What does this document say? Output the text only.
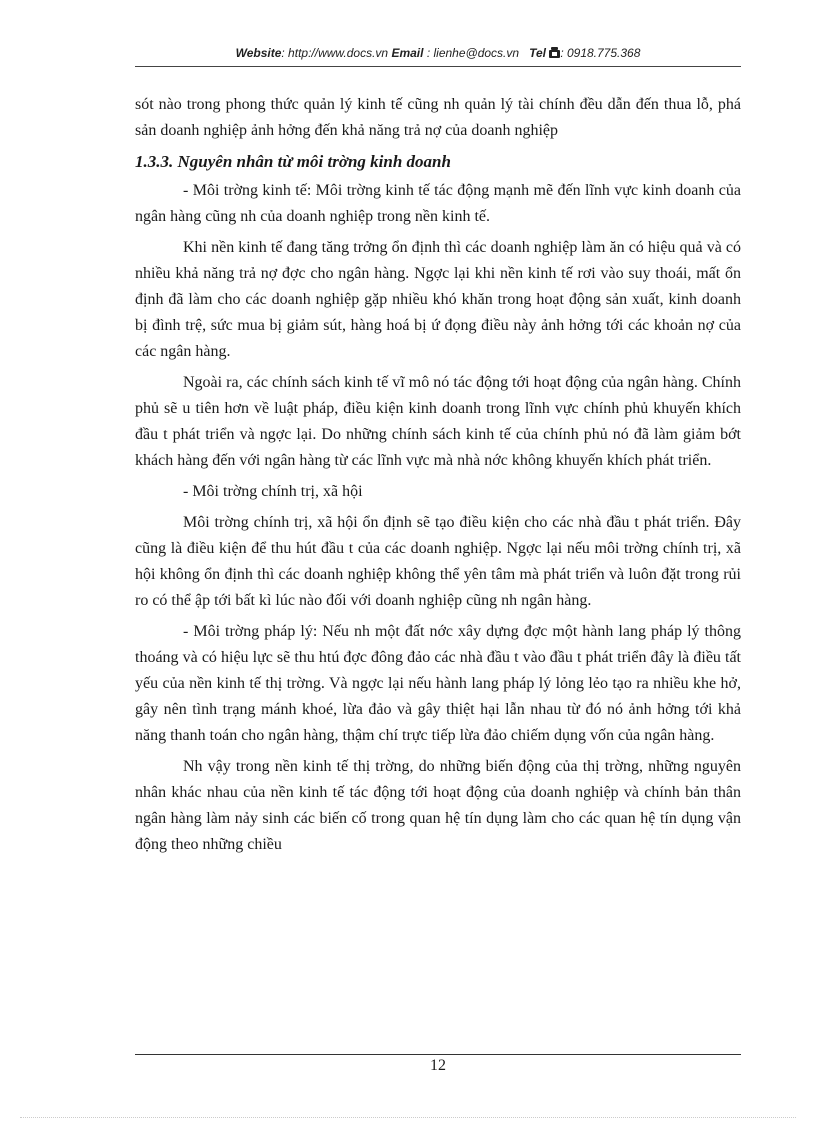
Website: http://www.docs.vn Email : lienhe@docs.vn Tel : 0918.775.368

sót nào trong phong thức quản lý kinh tế cũng nh quản lý tài chính đều dẫn đến thua lỗ, phá sản doanh nghiệp ảnh hởng đến khả năng trả nợ của doanh nghiệp

1.3.3. Nguyên nhân từ môi trờng kinh doanh

- Môi trờng kinh tế: Môi trờng kinh tế tác động mạnh mẽ đến lĩnh vực kinh doanh của ngân hàng cũng nh của doanh nghiệp trong nền kinh tế.

Khi nền kinh tế đang tăng trởng ổn định thì các doanh nghiệp làm ăn có hiệu quả và có nhiều khả năng trả nợ đợc cho ngân hàng. Ngợc lại khi nền kinh tế rơi vào suy thoái, mất ổn định đã làm cho các doanh nghiệp gặp nhiều khó khăn trong hoạt động sản xuất, kinh doanh bị đình trệ, sức mua bị giảm sút, hàng hoá bị ứ đọng điều này ảnh hởng tới các khoản nợ của các ngân hàng.

Ngoài ra, các chính sách kinh tế vĩ mô nó tác động tới hoạt động của ngân hàng. Chính phủ sẽ u tiên hơn về luật pháp, điều kiện kinh doanh trong lĩnh vực chính phủ khuyến khích đầu t phát triển và ngợc lại. Do những chính sách kinh tế của chính phủ nó đã làm giảm bớt khách hàng đến với ngân hàng từ các lĩnh vực mà nhà nớc không khuyến khích phát triển.

- Môi trờng chính trị, xã hội

Môi trờng chính trị, xã hội ổn định sẽ tạo điều kiện cho các nhà đầu t phát triển. Đây cũng là điều kiện để thu hút đầu t của các doanh nghiệp. Ngợc lại nếu môi trờng chính trị, xã hội không ổn định thì các doanh nghiệp không thể yên tâm mà phát triển và luôn đặt trong rủi ro có thể ập tới bất kì lúc nào đối với doanh nghiệp cũng nh ngân hàng.

- Môi trờng pháp lý: Nếu nh một đất nớc xây dựng đợc một hành lang pháp lý thông thoáng và có hiệu lực sẽ thu htú đợc đông đảo các nhà đầu t vào đầu t phát triển đây là điều tất yếu của nền kinh tế thị trờng. Và ngợc lại nếu hành lang pháp lý lỏng lẻo tạo ra nhiều khe hở, gây nên tình trạng mánh khoé, lừa đảo và gây thiệt hại lẫn nhau từ đó nó ảnh hởng tới khả năng thanh toán cho ngân hàng, thậm chí trực tiếp lừa đảo chiếm dụng vốn của ngân hàng.

Nh vậy trong nền kinh tế thị trờng, do những biến động của thị trờng, những nguyên nhân khác nhau của nền kinh tế tác động tới hoạt động của doanh nghiệp và chính bản thân ngân hàng làm nảy sinh các biến cố trong quan hệ tín dụng làm cho các quan hệ tín dụng vận động theo những chiều

12
